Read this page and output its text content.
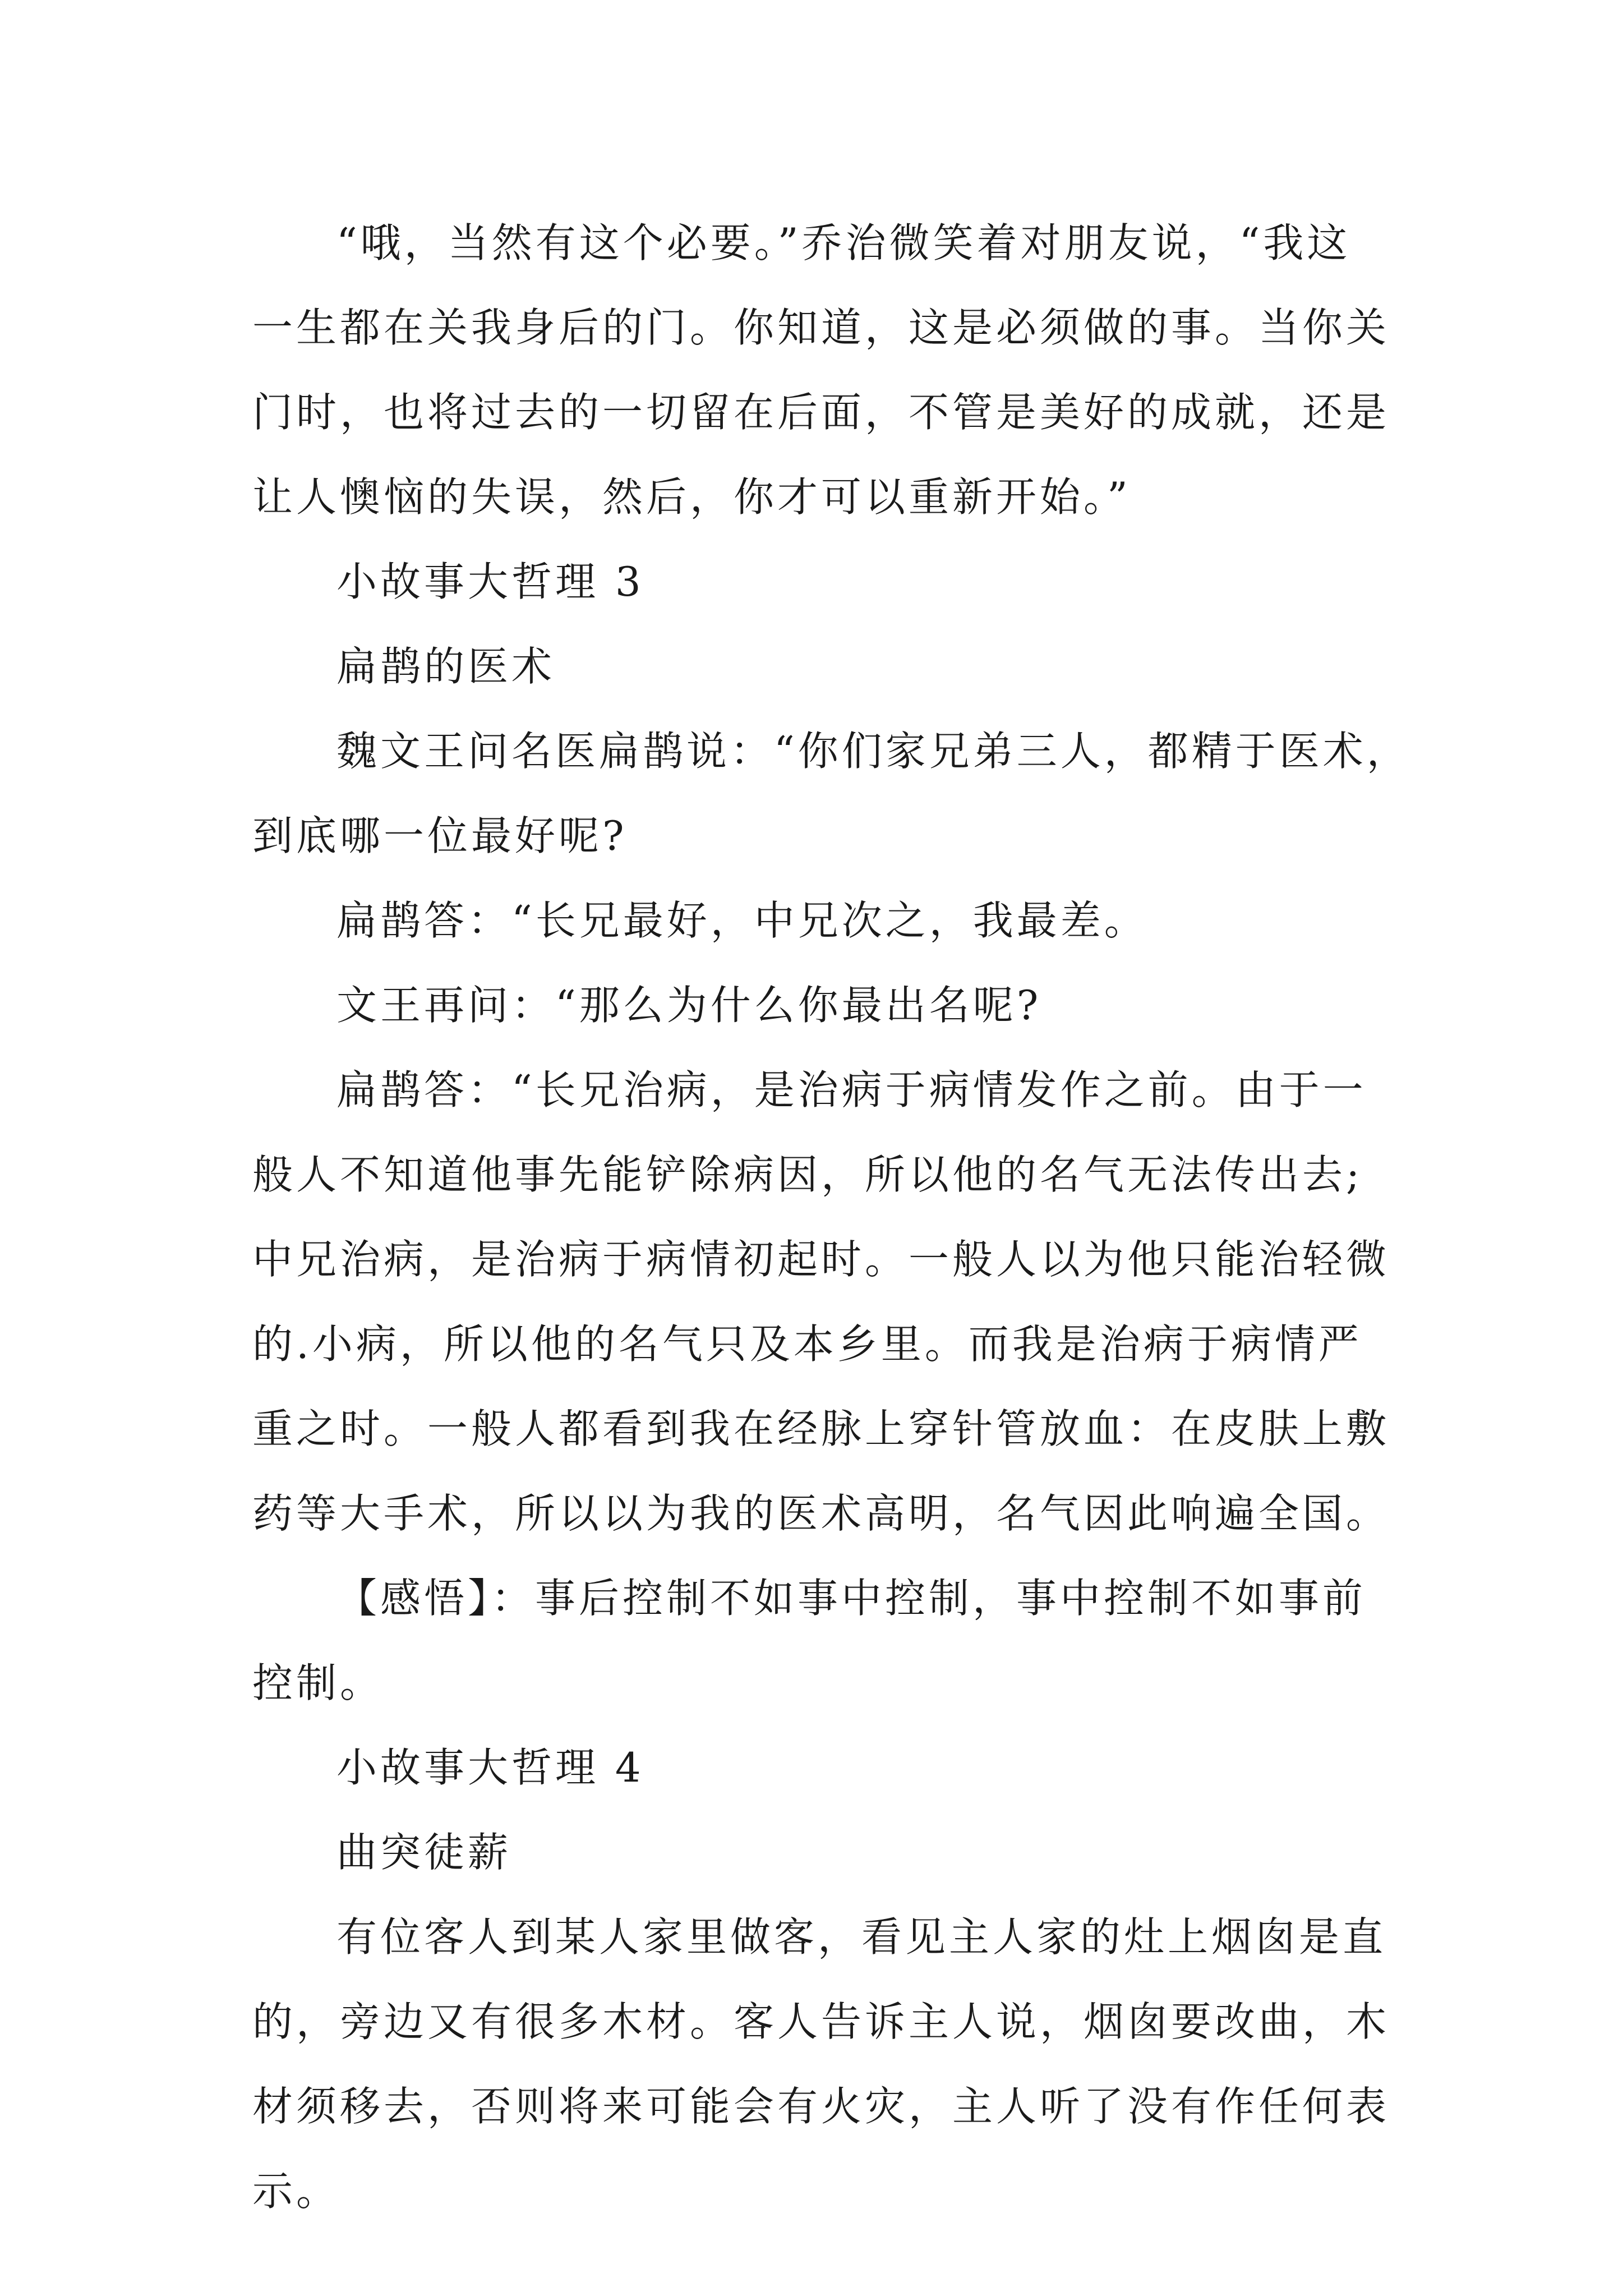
“哦，当然有这个必要。”乔治微笑着对朋友说，“我这
一生都在关我身后的门。你知道，这是必须做的事。当你关
门时，也将过去的一切留在后面，不管是美好的成就，还是
让人懊恼的失误，然后，你才可以重新开始。”
小故事大哲理 3
扁鹊的医术
魏文王问名医扁鹊说：“你们家兄弟三人，都精于医术，
到底哪一位最好呢?
扁鹊答：“长兄最好，中兄次之，我最差。
文王再问：“那么为什么你最出名呢?
扁鹊答：“长兄治病，是治病于病情发作之前。由于一
般人不知道他事先能铲除病因，所以他的名气无法传出去;
中兄治病，是治病于病情初起时。一般人以为他只能治轻微
的.小病，所以他的名气只及本乡里。而我是治病于病情严
重之时。一般人都看到我在经脉上穿针管放血：在皮肤上敷
药等大手术，所以以为我的医术高明，名气因此响遍全国。
【感悟】：事后控制不如事中控制，事中控制不如事前
控制。
小故事大哲理 4
曲突徒薪
有位客人到某人家里做客，看见主人家的灶上烟囱是直
的，旁边又有很多木材。客人告诉主人说，烟囱要改曲，木
材须移去，否则将来可能会有火灾，主人听了没有作任何表
示。
